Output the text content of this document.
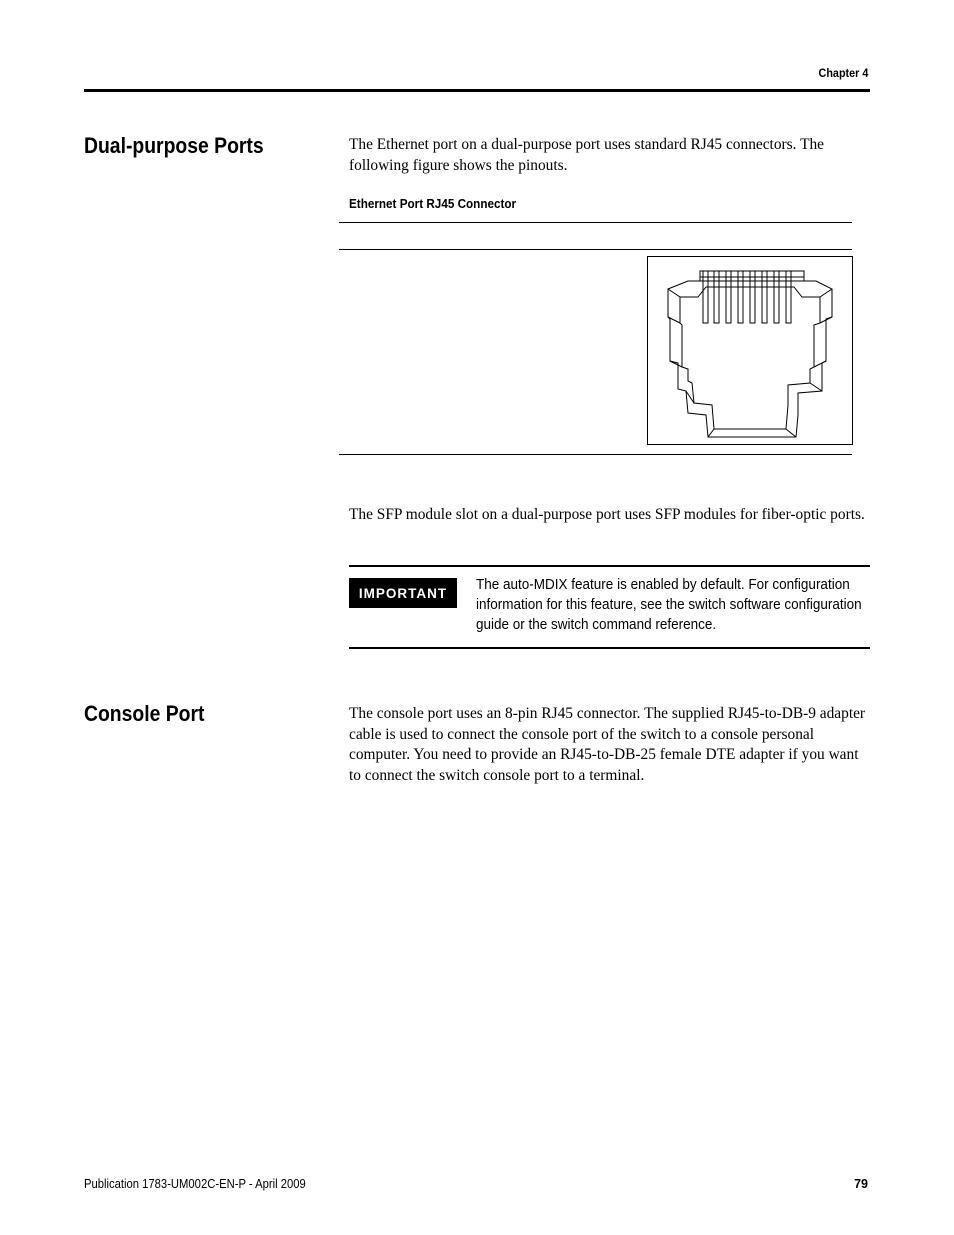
Chapter 4
Dual-purpose Ports	The Ethernet port on a dual-purpose port uses standard RJ45 connectors. The following figure shows the pinouts.
Ethernet Port RJ45 Connector
The SFP module slot on a dual-purpose port uses SFP modules for fiber-optic ports.
IMPORTANT	The auto-MDIX feature is enabled by default. For configuration information for this feature, see the switch software configuration guide or the switch command reference.
Console Port	The console port uses an 8-pin RJ45 connector. The supplied RJ45-to-DB-9 adapter cable is used to connect the console port of the switch to a console personal computer. You need to provide an RJ45-to-DB-25 female DTE adapter if you want to connect the switch console port to a terminal.
Publication 1783-UM002C-EN-P - April 2009	79
